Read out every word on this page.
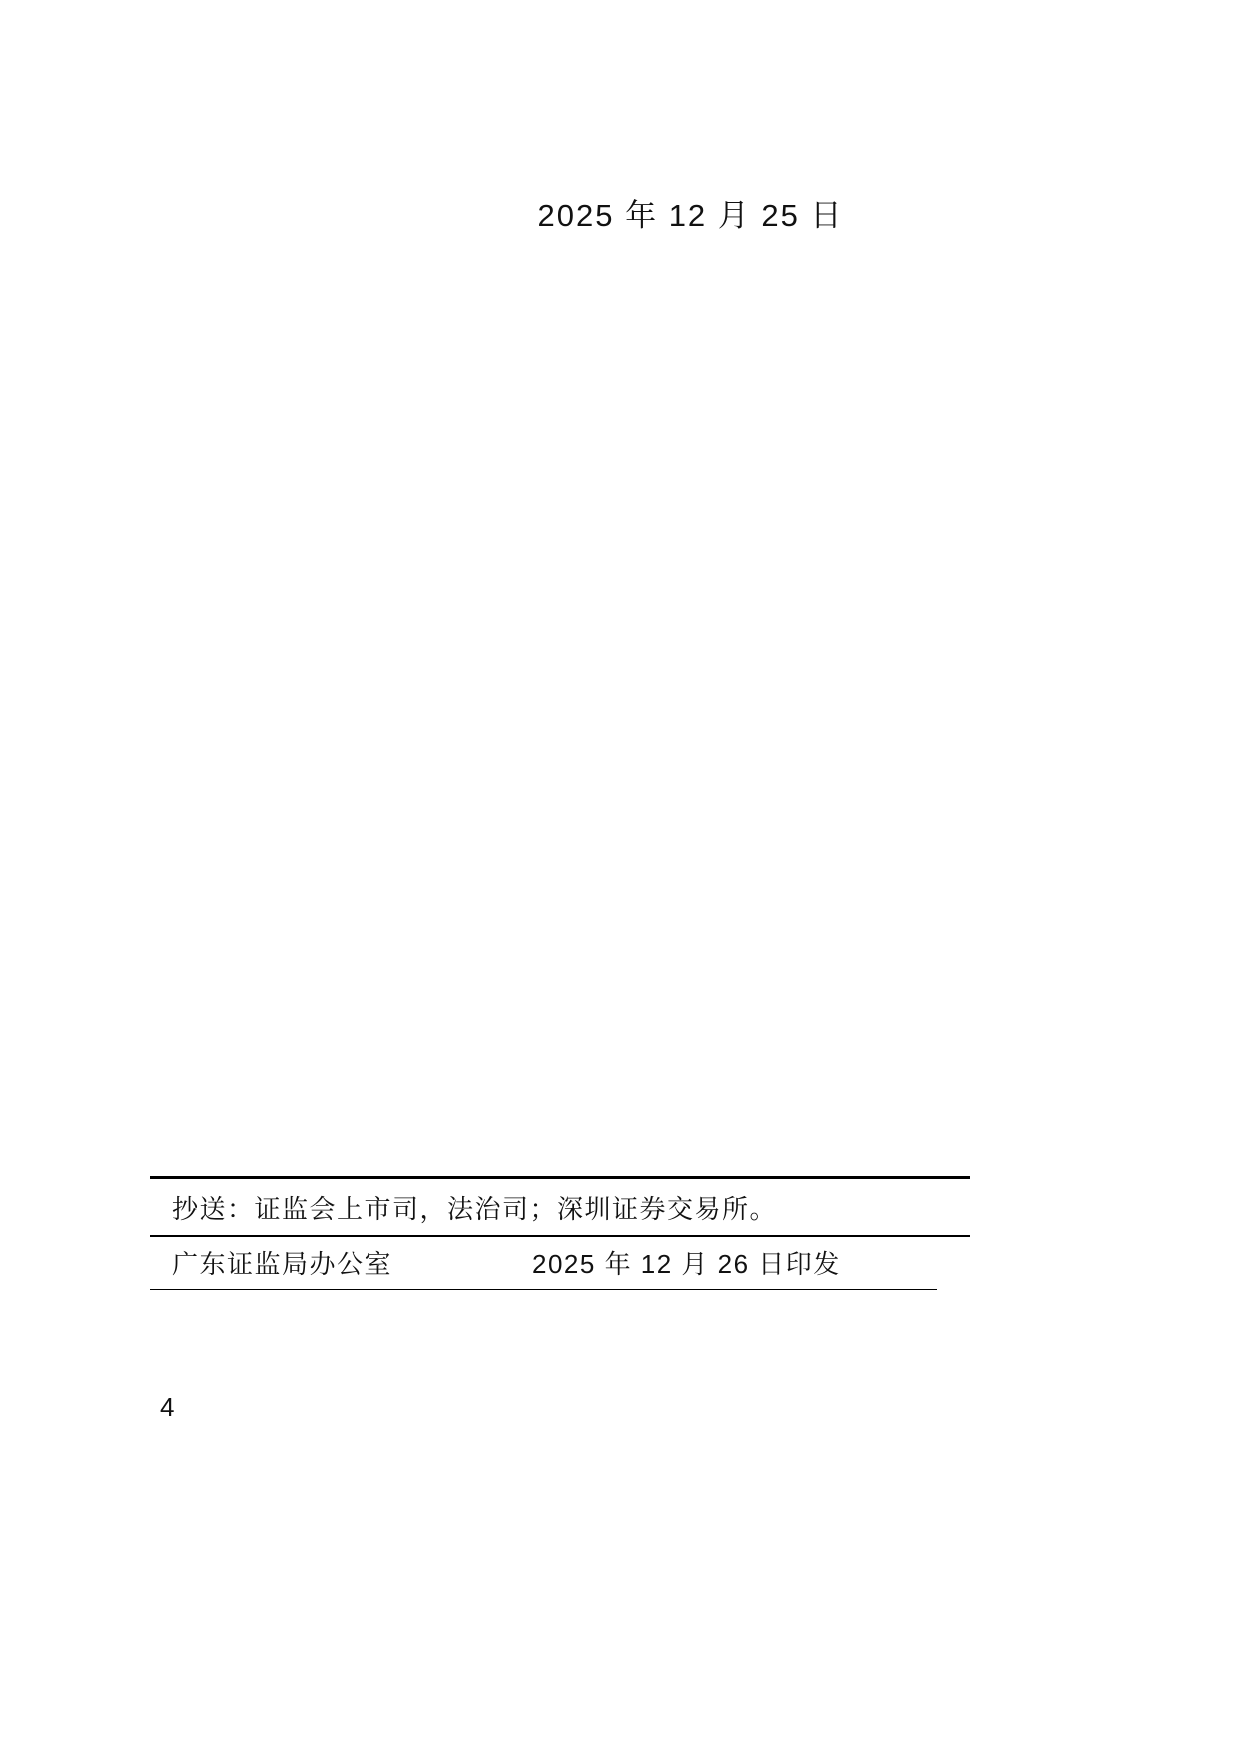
2025 年 12 月 25 日
抄送：证监会上市司，法治司；深圳证券交易所。
广东证监局办公室	2025 年 12 月 26 日印发
4
